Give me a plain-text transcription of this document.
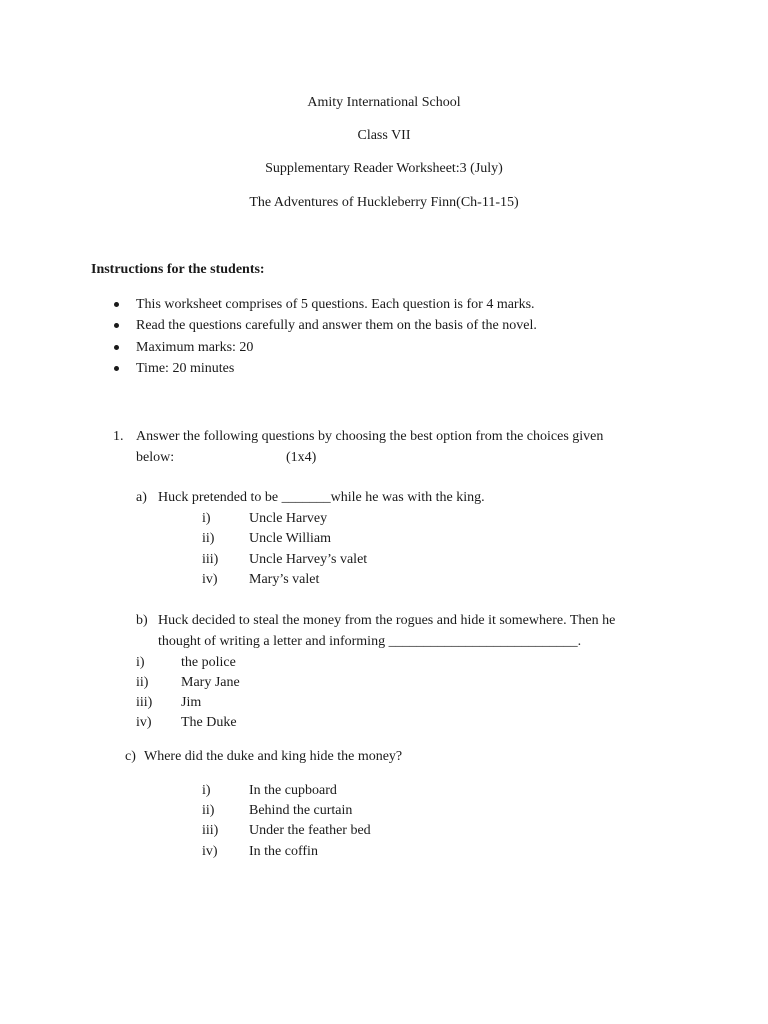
Amity International School
Class VII
Supplementary Reader Worksheet:3 (July)
The Adventures of Huckleberry Finn(Ch-11-15)
Instructions for the students:
This worksheet comprises of 5 questions. Each question is for 4 marks.
Read the questions carefully and answer them on the basis of the novel.
Maximum marks: 20
Time: 20 minutes
1. Answer the following questions by choosing the best option from the choices given
below:	(1x4)
a) Huck pretended to be _______while he was with the king.
i)	Uncle Harvey
ii) Uncle William
iii) Uncle Harvey’s valet
iv) Mary’s valet
b) Huck decided to steal the money from the rogues and hide it somewhere. Then he
thought of writing a letter and informing ___________________________.
i)	the police
ii) Mary Jane
iii) Jim
iv) The Duke
c) Where did the duke and king hide the money?
i)	In the cupboard
ii) Behind the curtain
iii) Under the feather bed
iv) In the coffin
